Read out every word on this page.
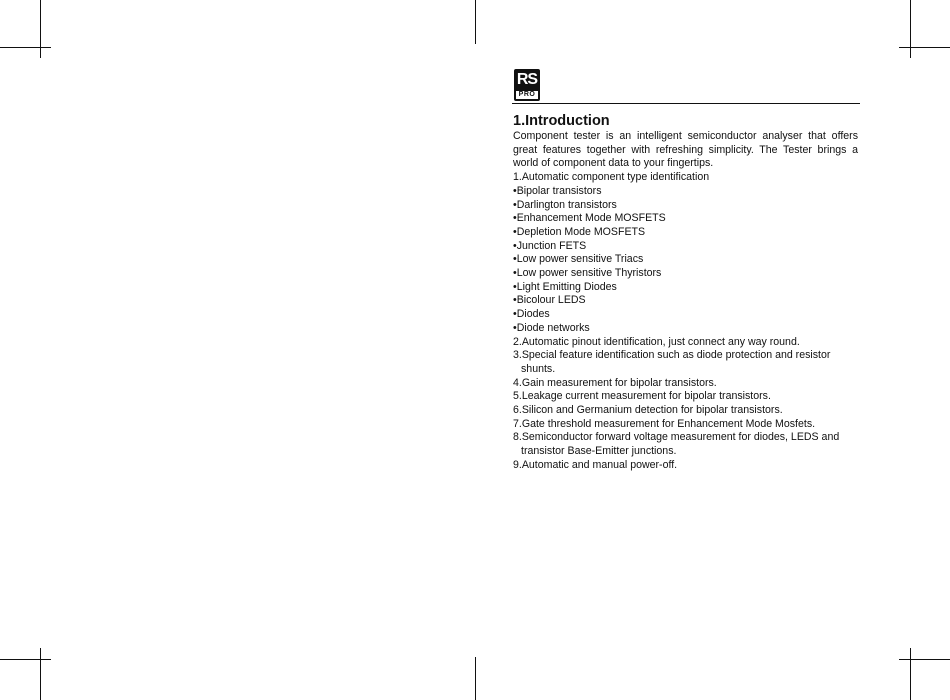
RS
PRO
1.Introduction

Component tester is an intelligent semiconductor analyser that offers great features together with refreshing simplicity. The Tester brings a world of component data to your fingertips.

1.Automatic component type identification
•Bipolar transistors
•Darlington transistors
•Enhancement Mode MOSFETS
•Depletion Mode MOSFETS
•Junction FETS
•Low power sensitive Triacs
•Low power sensitive Thyristors
•Light Emitting Diodes
•Bicolour LEDS
•Diodes
•Diode networks
2.Automatic pinout identification, just connect any way round.
3.Special feature identification such as diode protection and resistor
shunts.
4.Gain measurement for bipolar transistors.
5.Leakage current measurement for bipolar transistors.
6.Silicon and Germanium detection for bipolar transistors.
7.Gate threshold measurement for Enhancement Mode Mosfets.
8.Semiconductor forward voltage measurement for diodes, LEDS and
transistor Base-Emitter junctions.
9.Automatic and manual power-off.
